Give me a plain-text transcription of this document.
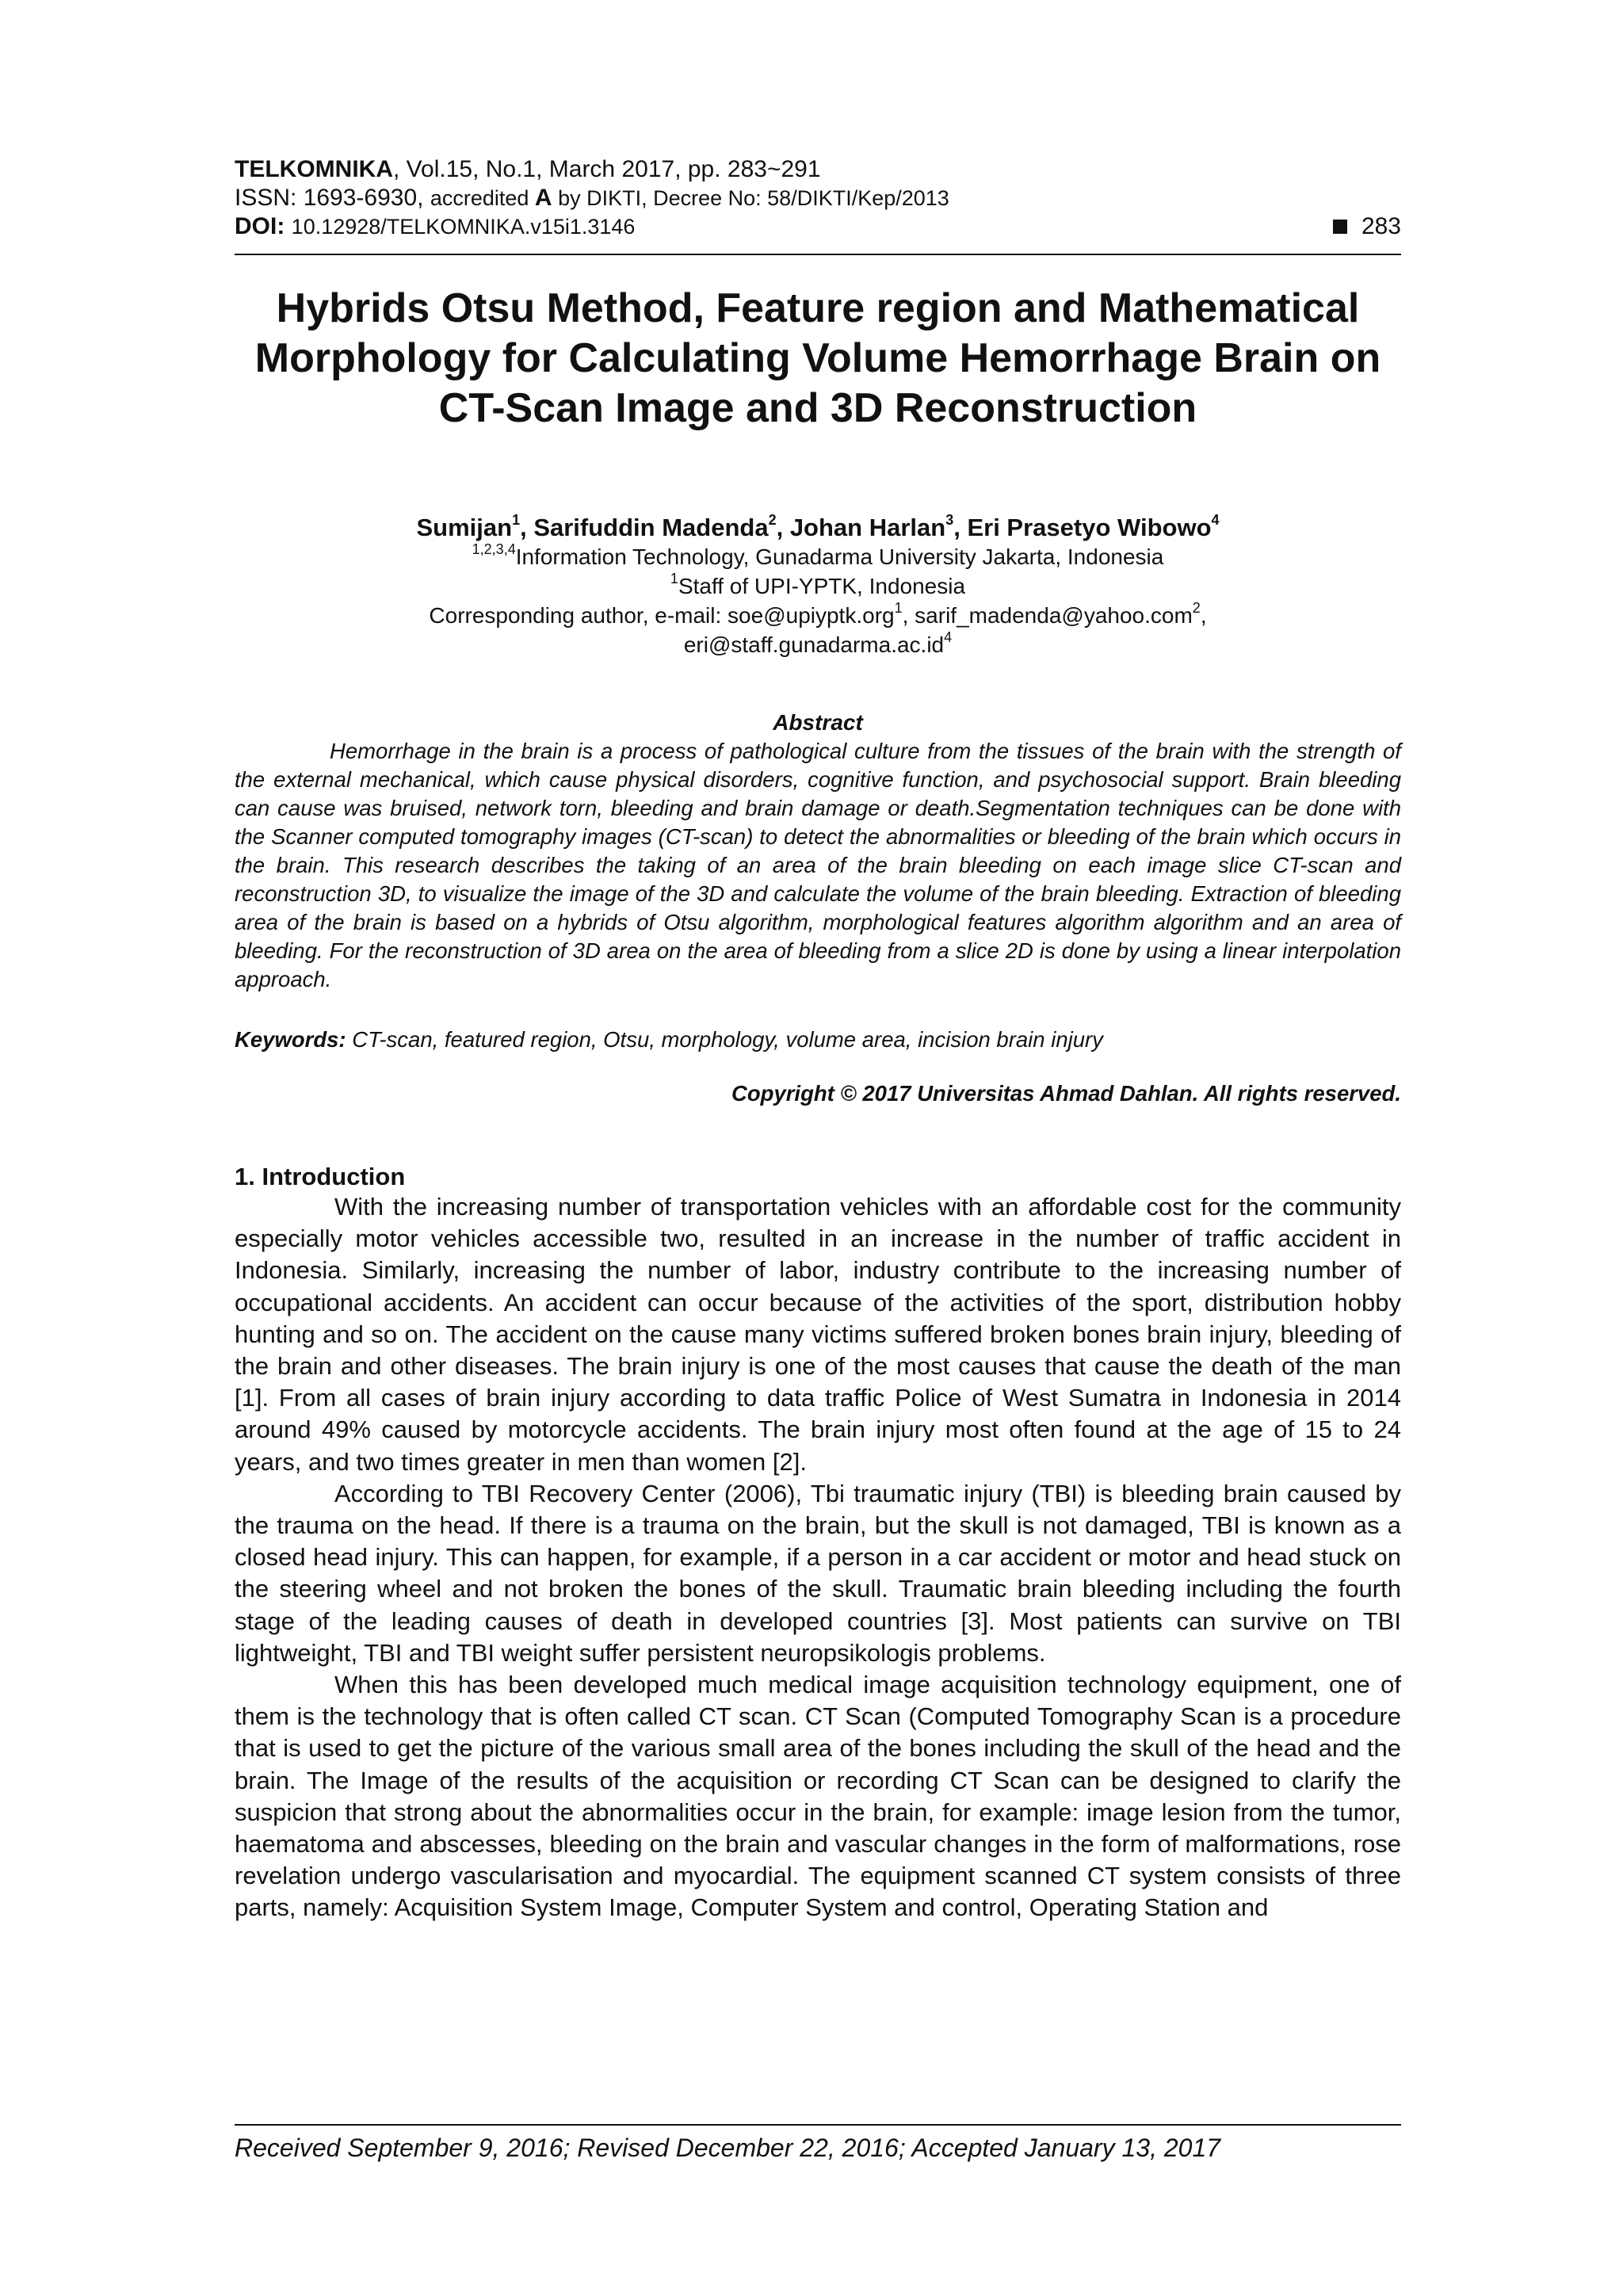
TELKOMNIKA, Vol.15, No.1, March 2017, pp. 283~291
ISSN: 1693-6930, accredited A by DIKTI, Decree No: 58/DIKTI/Kep/2013
DOI: 10.12928/TELKOMNIKA.v15i1.3146	283
Hybrids Otsu Method, Feature region and Mathematical Morphology for Calculating Volume Hemorrhage Brain on CT-Scan Image and 3D Reconstruction
Sumijan$^1$, Sarifuddin Madenda$^2$, Johan Harlan$^3$, Eri Prasetyo Wibowo$^4$
$^{1,2,3,4}$Information Technology, Gunadarma University Jakarta, Indonesia
$^1$Staff of UPI-YPTK, Indonesia
Corresponding author, e-mail: soe@upiyptk.org$^1$, sarif_madenda@yahoo.com$^2$,
$eri@staff.gunadarma.ac.id^4$
Abstract

Hemorrhage in the brain is a process of pathological culture from the tissues of the brain with the strength of the external mechanical, which cause physical disorders, cognitive function, and psychosocial support. Brain bleeding can cause was bruised, network torn, bleeding and brain damage or death.Segmentation techniques can be done with the Scanner computed tomography images (CT-scan) to detect the abnormalities or bleeding of the brain which occurs in the brain. This research describes the taking of an area of the brain bleeding on each image slice CT-scan and reconstruction 3D, to visualize the image of the 3D and calculate the volume of the brain bleeding. Extraction of bleeding area of the brain is based on a hybrids of Otsu algorithm, morphological features algorithm algorithm and an area of bleeding. For the reconstruction of 3D area on the area of bleeding from a slice 2D is done by using a linear interpolation approach.

Keywords: CT-scan, featured region, Otsu, morphology, volume area, incision brain injury
Copyright © 2017 Universitas Ahmad Dahlan. All rights reserved.
1. Introduction

With the increasing number of transportation vehicles with an affordable cost for the community especially motor vehicles accessible two, resulted in an increase in the number of traffic accident in Indonesia. Similarly, increasing the number of labor, industry contribute to the increasing number of occupational accidents. An accident can occur because of the activities of the sport, distribution hobby hunting and so on. The accident on the cause many victims suffered broken bones brain injury, bleeding of the brain and other diseases. The brain injury is one of the most causes that cause the death of the man [1]. From all cases of brain injury according to data traffic Police of West Sumatra in Indonesia in 2014 around 49% caused by motorcycle accidents. The brain injury most often found at the age of 15 to 24 years, and two times greater in men than women [2].

According to TBI Recovery Center (2006), Tbi traumatic injury (TBI) is bleeding brain caused by the trauma on the head. If there is a trauma on the brain, but the skull is not damaged, TBI is known as a closed head injury. This can happen, for example, if a person in a car accident or motor and head stuck on the steering wheel and not broken the bones of the skull. Traumatic brain bleeding including the fourth stage of the leading causes of death in developed countries [3]. Most patients can survive on TBI lightweight, TBI and TBI weight suffer persistent neuropsikologis problems.

When this has been developed much medical image acquisition technology equipment, one of them is the technology that is often called CT scan. CT Scan (Computed Tomography Scan is a procedure that is used to get the picture of the various small area of the bones including the skull of the head and the brain. The Image of the results of the acquisition or recording CT Scan can be designed to clarify the suspicion that strong about the abnormalities occur in the brain, for example: image lesion from the tumor, haematoma and abscesses, bleeding on the brain and vascular changes in the form of malformations, rose revelation undergo vascularisation and myocardial. The equipment scanned CT system consists of three parts, namely: Acquisition System Image, Computer System and control, Operating Station and

Received September 9, 2016; Revised December 22, 2016; Accepted January 13, 2017
